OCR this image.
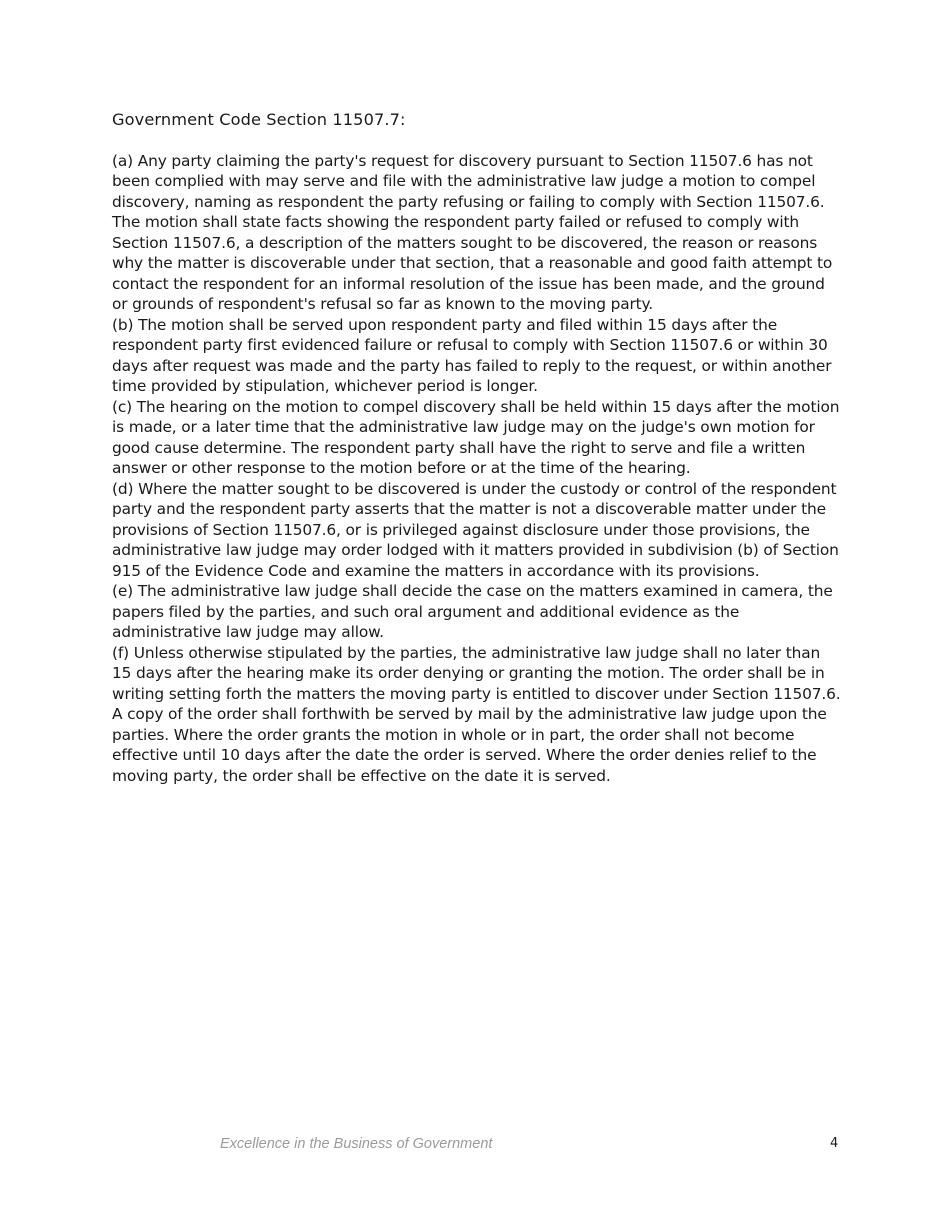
Government Code Section 11507.7:

(a) Any party claiming the party's request for discovery pursuant to Section 11507.6 has not been complied with may serve and file with the administrative law judge a motion to compel discovery, naming as respondent the party refusing or failing to comply with Section 11507.6. The motion shall state facts showing the respondent party failed or refused to comply with Section 11507.6, a description of the matters sought to be discovered, the reason or reasons why the matter is discoverable under that section, that a reasonable and good faith attempt to contact the respondent for an informal resolution of the issue has been made, and the ground or grounds of respondent's refusal so far as known to the moving party.

(b) The motion shall be served upon respondent party and filed within 15 days after the respondent party first evidenced failure or refusal to comply with Section 11507.6 or within 30 days after request was made and the party has failed to reply to the request, or within another time provided by stipulation, whichever period is longer.

(c) The hearing on the motion to compel discovery shall be held within 15 days after the motion is made, or a later time that the administrative law judge may on the judge's own motion for good cause determine. The respondent party shall have the right to serve and file a written answer or other response to the motion before or at the time of the hearing.

(d) Where the matter sought to be discovered is under the custody or control of the respondent party and the respondent party asserts that the matter is not a discoverable matter under the provisions of Section 11507.6, or is privileged against disclosure under those provisions, the administrative law judge may order lodged with it matters provided in subdivision (b) of Section 915 of the Evidence Code and examine the matters in accordance with its provisions.

(e) The administrative law judge shall decide the case on the matters examined in camera, the papers filed by the parties, and such oral argument and additional evidence as the administrative law judge may allow.

(f) Unless otherwise stipulated by the parties, the administrative law judge shall no later than 15 days after the hearing make its order denying or granting the motion. The order shall be in writing setting forth the matters the moving party is entitled to discover under Section 11507.6. A copy of the order shall forthwith be served by mail by the administrative law judge upon the parties. Where the order grants the motion in whole or in part, the order shall not become effective until 10 days after the date the order is served. Where the order denies relief to the moving party, the order shall be effective on the date it is served.

Excellence in the Business of Government	4
